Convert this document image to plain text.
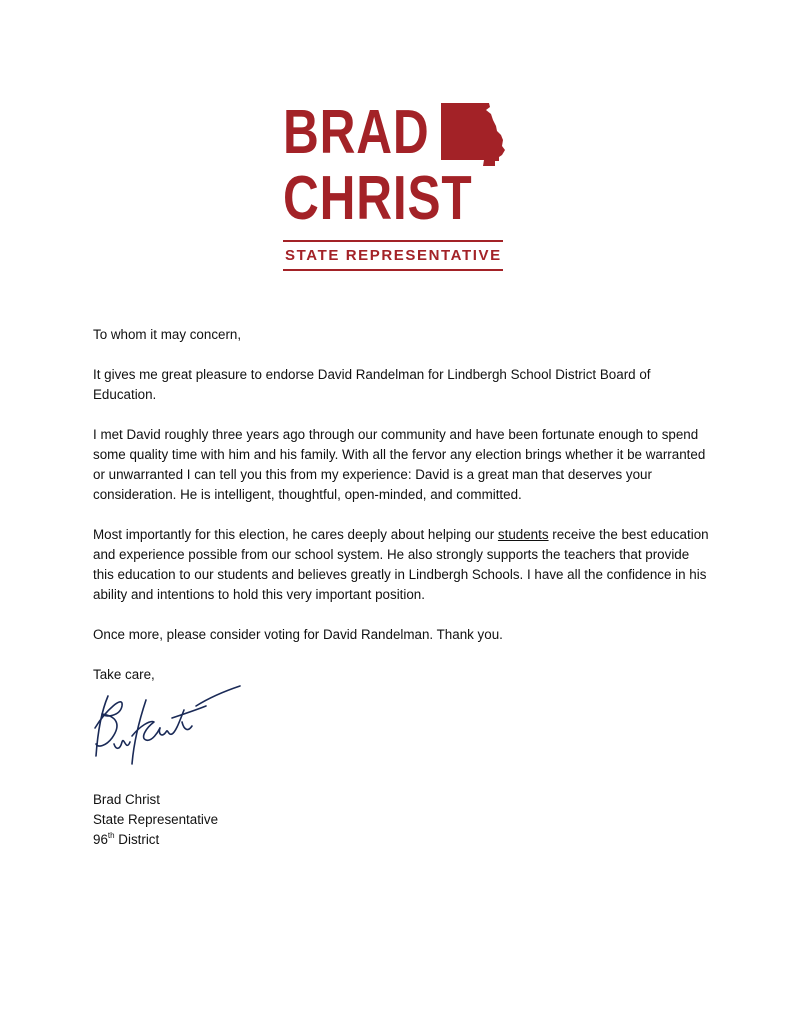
BRAD
CHRIST
STATE REPRESENTATIVE

To whom it may concern,

It gives me great pleasure to endorse David Randelman for Lindbergh School District Board of Education.

I met David roughly three years ago through our community and have been fortunate enough to spend some quality time with him and his family. With all the fervor any election brings whether it be warranted or unwarranted I can tell you this from my experience: David is a great man that deserves your consideration. He is intelligent, thoughtful, open-minded, and committed.

Most importantly for this election, he cares deeply about helping our students receive the best education and experience possible from our school system. He also strongly supports the teachers that provide this education to our students and believes greatly in Lindbergh Schools. I have all the confidence in his ability and intentions to hold this very important position.

Once more, please consider voting for David Randelman. Thank you.

Take care,

Brad Christ
State Representative
96th District
